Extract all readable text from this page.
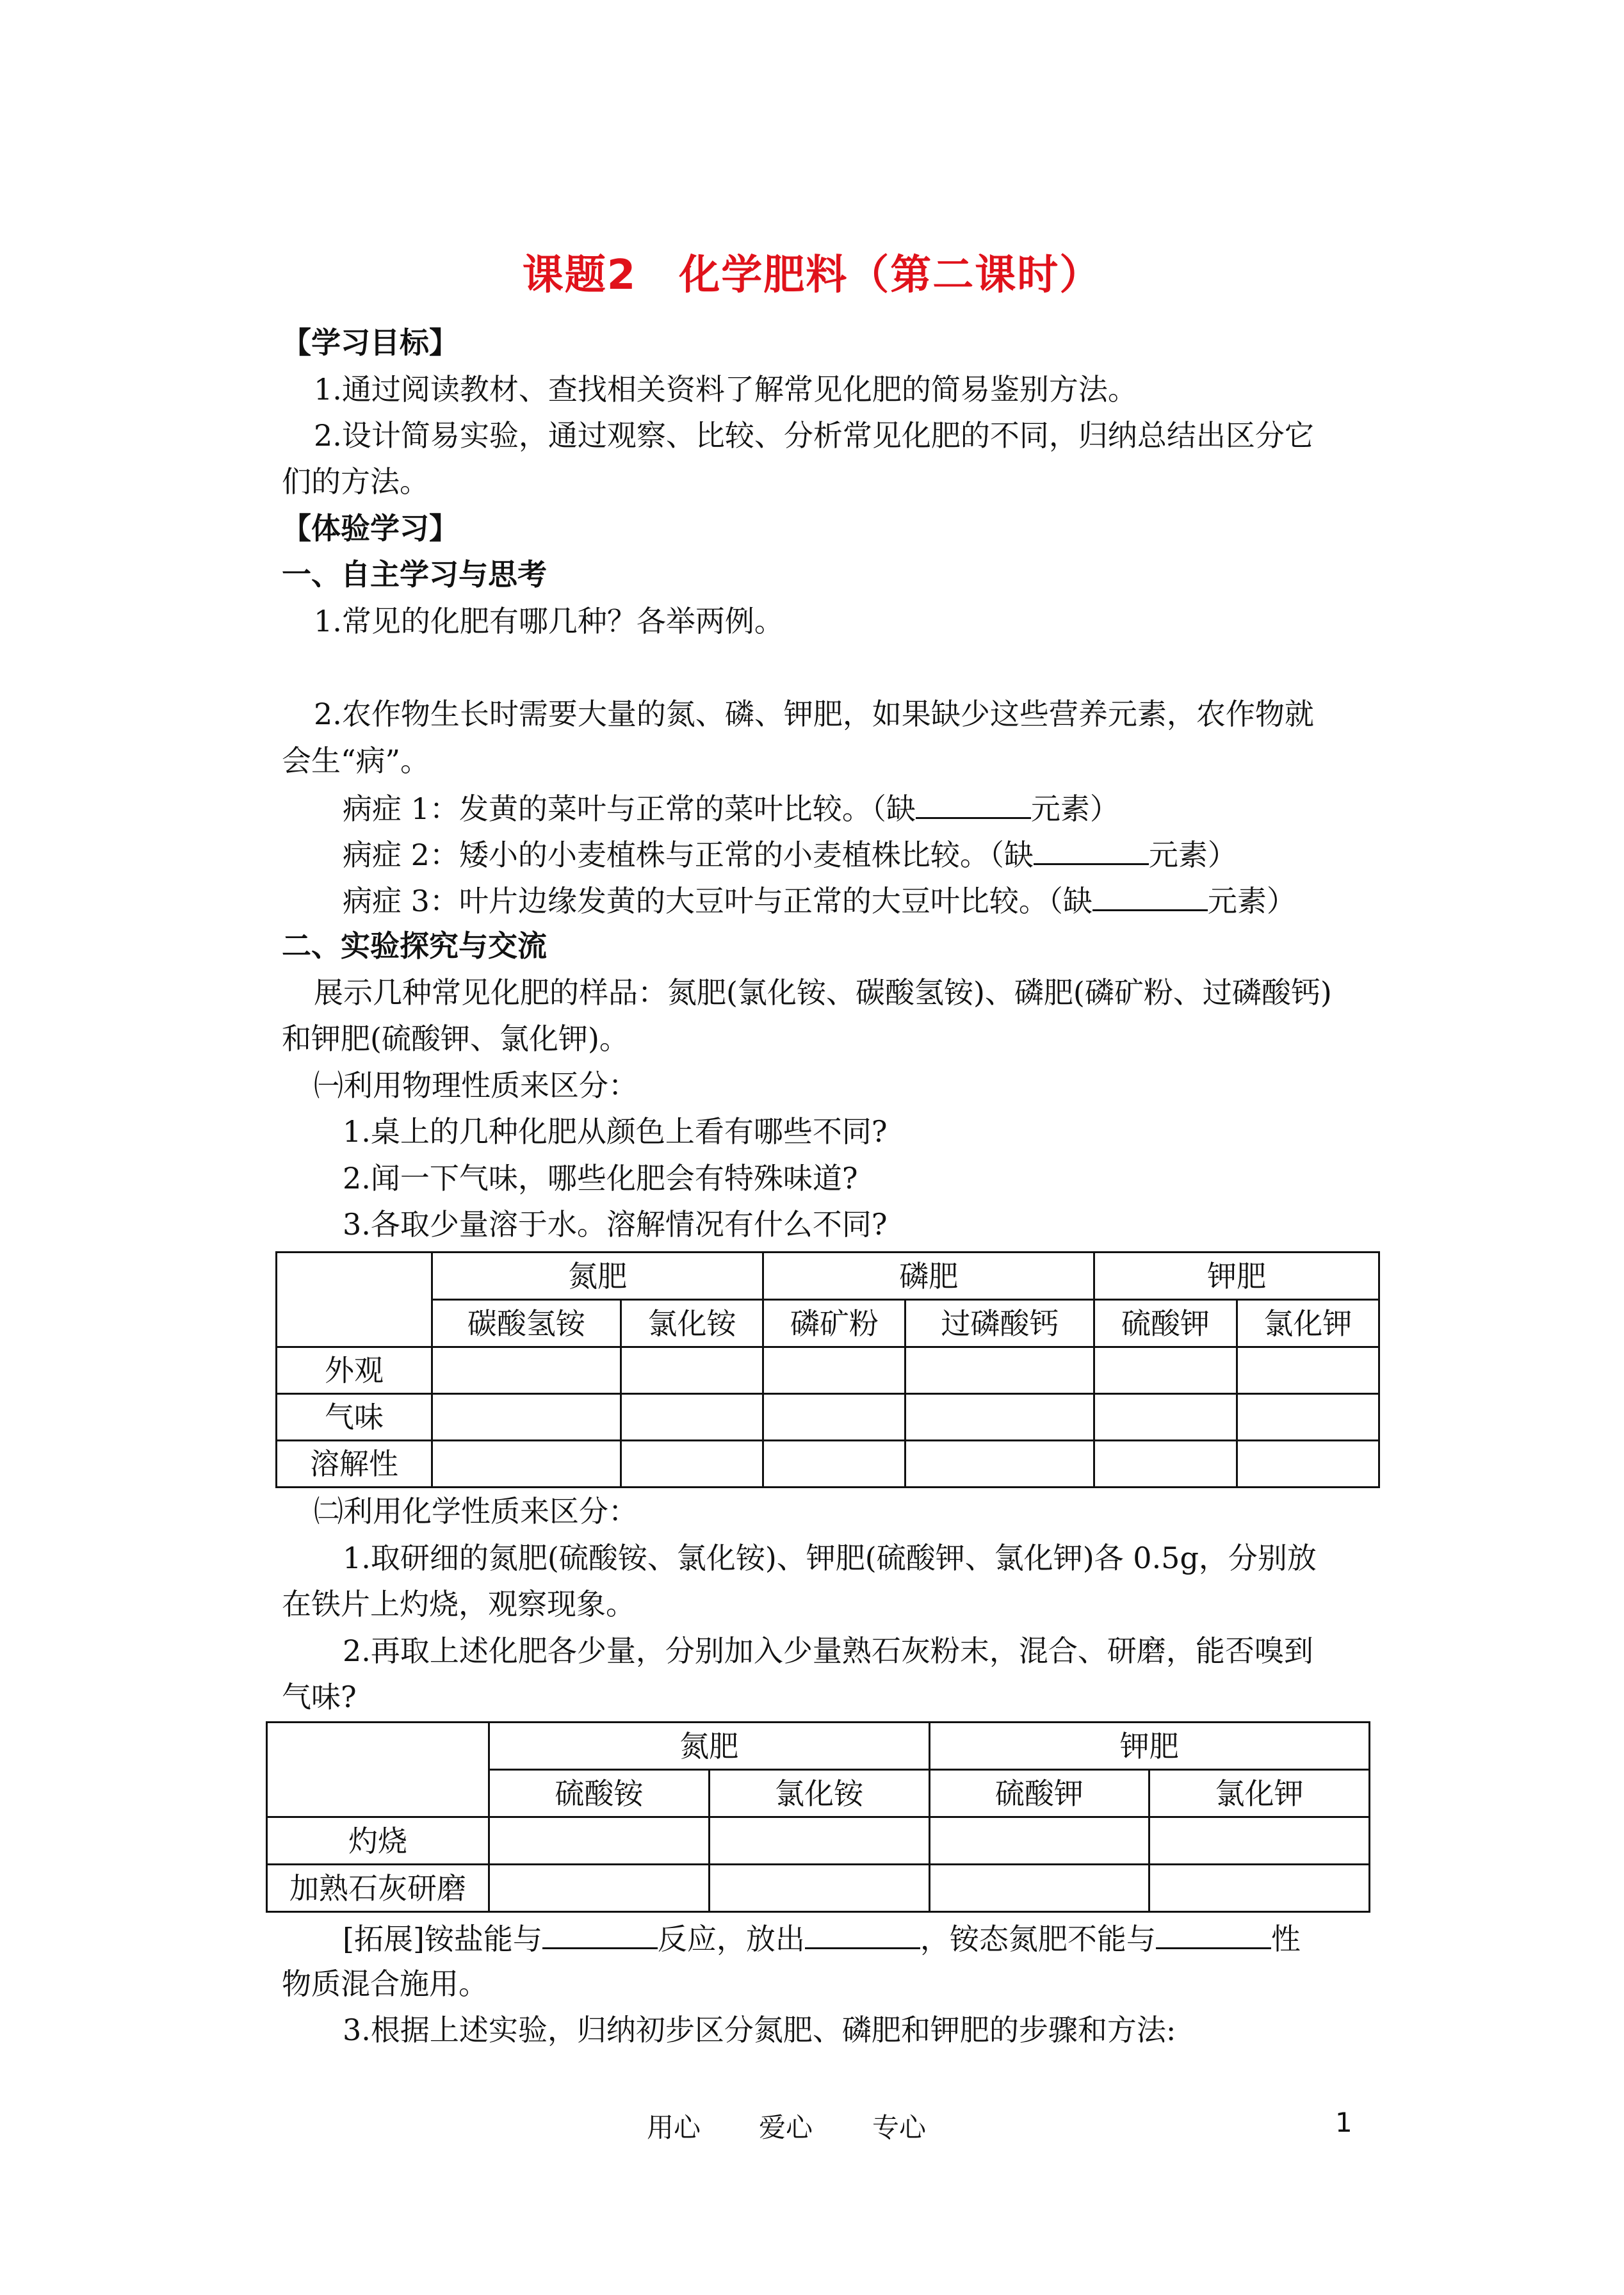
课题2　化学肥料（第二课时）
【学习目标】
1.通过阅读教材、查找相关资料了解常见化肥的简易鉴别方法。
2.设计简易实验，通过观察、比较、分析常见化肥的不同，归纳总结出区分它
们的方法。
【体验学习】
一、自主学习与思考
1.常见的化肥有哪几种？各举两例。
2.农作物生长时需要大量的氮、磷、钾肥，如果缺少这些营养元素，农作物就
会生“病”。
病症 1：发黄的菜叶与正常的菜叶比较。（缺	元素）
病症 2：矮小的小麦植株与正常的小麦植株比较。（缺	元素）
病症 3：叶片边缘发黄的大豆叶与正常的大豆叶比较。（缺	元素）
二、实验探究与交流
展示几种常见化肥的样品：氮肥(氯化铵、碳酸氢铵)、磷肥(磷矿粉、过磷酸钙)
和钾肥(硫酸钾、氯化钾)。
㈠利用物理性质来区分：
1.桌上的几种化肥从颜色上看有哪些不同?
2.闻一下气味，哪些化肥会有特殊味道?
3.各取少量溶于水。溶解情况有什么不同?
	氮肥		磷肥		钾肥	
	碳酸氢铵	氯化铵	磷矿粉	过磷酸钙	硫酸钾	氯化钾
外观						
气味						
溶解性						
㈡利用化学性质来区分：
1.取研细的氮肥(硫酸铵、氯化铵)、钾肥(硫酸钾、氯化钾)各 0.5g，分别放
在铁片上灼烧，观察现象。
2.再取上述化肥各少量，分别加入少量熟石灰粉末，混合、研磨，能否嗅到
气味?
	氮肥		钾肥	
	硫酸铵	氯化铵	硫酸钾	氯化钾
灼烧				
加熟石灰研磨				
[拓展]铵盐能与	反应，放出	，铵态氮肥不能与	性
物质混合施用。
3.根据上述实验，归纳初步区分氮肥、磷肥和钾肥的步骤和方法:
用心 爱心 专心	1
